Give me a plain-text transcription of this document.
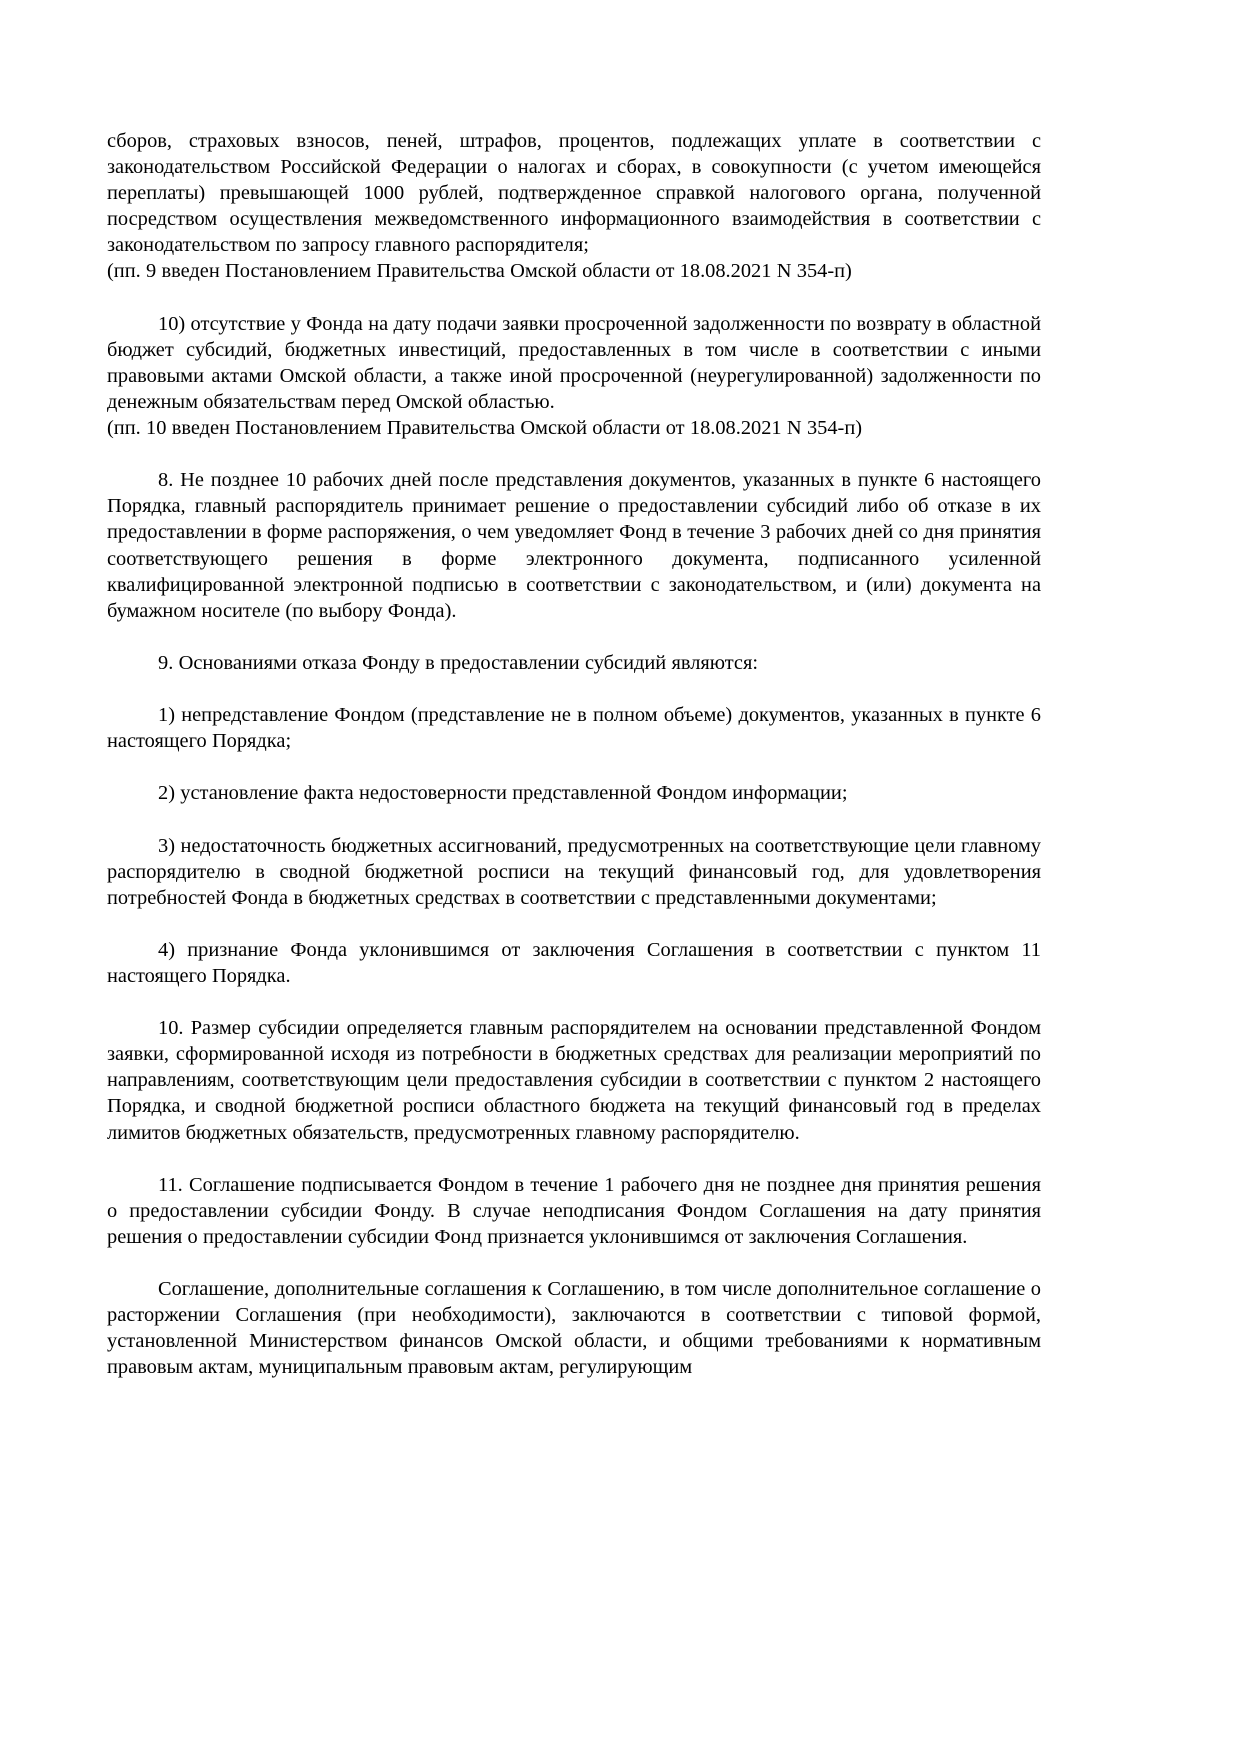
сборов, страховых взносов, пеней, штрафов, процентов, подлежащих уплате в соответствии с законодательством Российской Федерации о налогах и сборах, в совокупности (с учетом имеющейся переплаты) превышающей 1000 рублей, подтвержденное справкой налогового органа, полученной посредством осуществления межведомственного информационного взаимодействия в соответствии с законодательством по запросу главного распорядителя;

(пп. 9 введен Постановлением Правительства Омской области от 18.08.2021 N 354-п)

10) отсутствие у Фонда на дату подачи заявки просроченной задолженности по возврату в областной бюджет субсидий, бюджетных инвестиций, предоставленных в том числе в соответствии с иными правовыми актами Омской области, а также иной просроченной (неурегулированной) задолженности по денежным обязательствам перед Омской областью.

(пп. 10 введен Постановлением Правительства Омской области от 18.08.2021 N 354-п)

8. Не позднее 10 рабочих дней после представления документов, указанных в пункте 6 настоящего Порядка, главный распорядитель принимает решение о предоставлении субсидий либо об отказе в их предоставлении в форме распоряжения, о чем уведомляет Фонд в течение 3 рабочих дней со дня принятия соответствующего решения в форме электронного документа, подписанного усиленной квалифицированной электронной подписью в соответствии с законодательством, и (или) документа на бумажном носителе (по выбору Фонда).

9. Основаниями отказа Фонду в предоставлении субсидий являются:

1) непредставление Фондом (представление не в полном объеме) документов, указанных в пункте 6 настоящего Порядка;

2) установление факта недостоверности представленной Фондом информации;

3) недостаточность бюджетных ассигнований, предусмотренных на соответствующие цели главному распорядителю в сводной бюджетной росписи на текущий финансовый год, для удовлетворения потребностей Фонда в бюджетных средствах в соответствии с представленными документами;

4) признание Фонда уклонившимся от заключения Соглашения в соответствии с пунктом 11 настоящего Порядка.

10. Размер субсидии определяется главным распорядителем на основании представленной Фондом заявки, сформированной исходя из потребности в бюджетных средствах для реализации мероприятий по направлениям, соответствующим цели предоставления субсидии в соответствии с пунктом 2 настоящего Порядка, и сводной бюджетной росписи областного бюджета на текущий финансовый год в пределах лимитов бюджетных обязательств, предусмотренных главному распорядителю.

11. Соглашение подписывается Фондом в течение 1 рабочего дня не позднее дня принятия решения о предоставлении субсидии Фонду. В случае неподписания Фондом Соглашения на дату принятия решения о предоставлении субсидии Фонд признается уклонившимся от заключения Соглашения.

Соглашение, дополнительные соглашения к Соглашению, в том числе дополнительное соглашение о расторжении Соглашения (при необходимости), заключаются в соответствии с типовой формой, установленной Министерством финансов Омской области, и общими требованиями к нормативным правовым актам, муниципальным правовым актам, регулирующим
